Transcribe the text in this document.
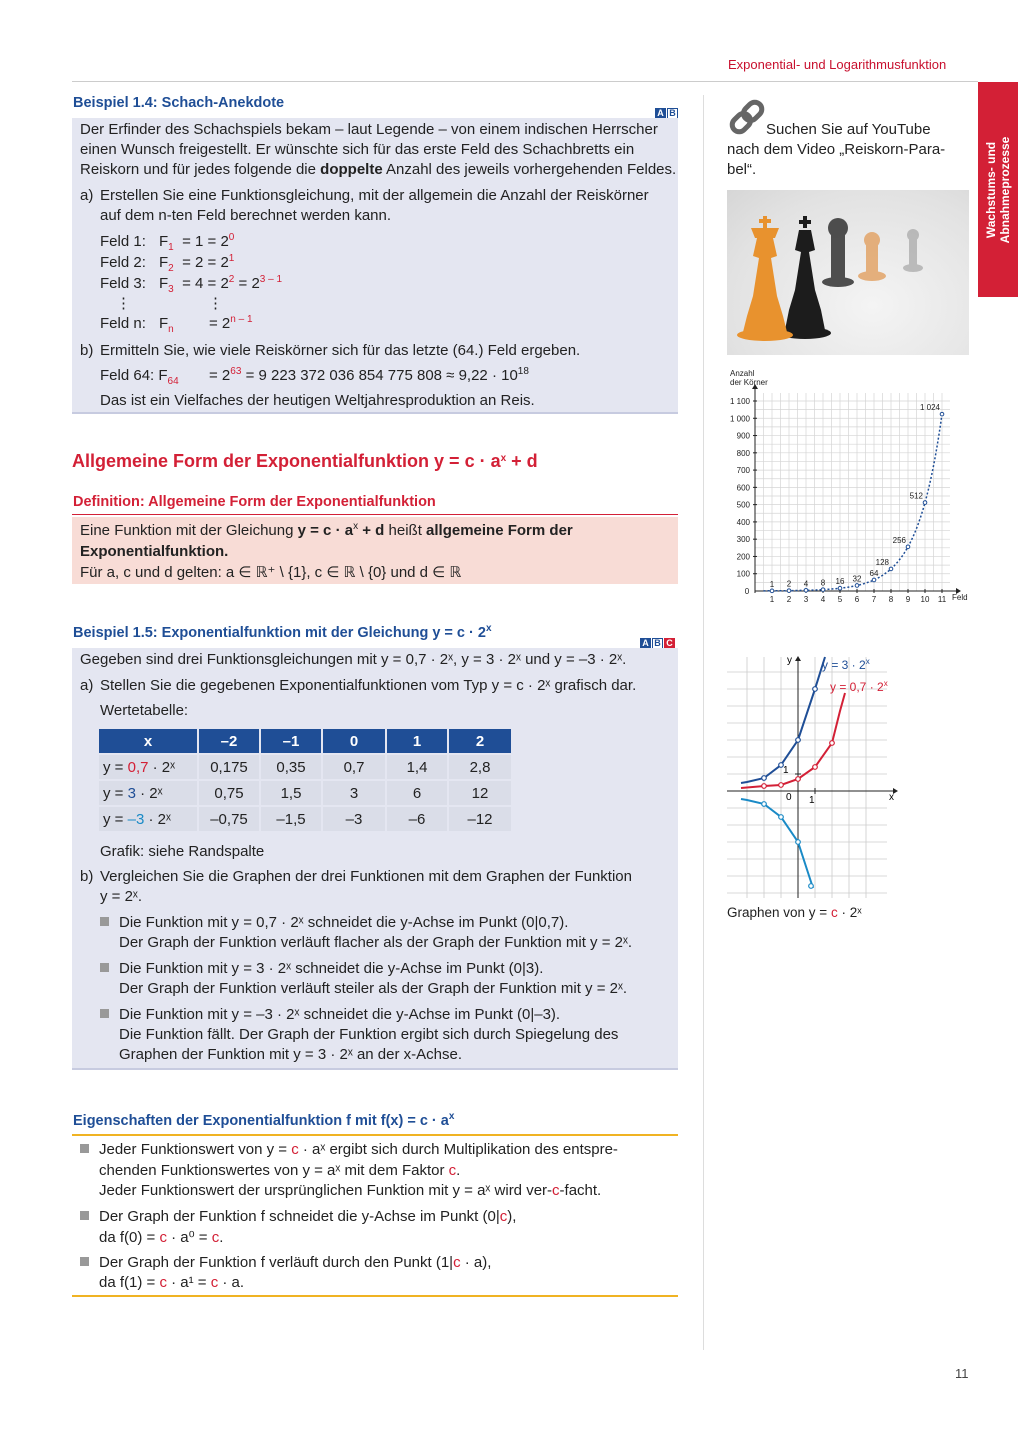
Exponential- und Logarithmusfunktion
Wachstums- und Abnahmeprozesse
Beispiel 1.4: Schach-Anekdote
A B
Der Erfinder des Schachspiels bekam – laut Legende – von einem indischen Herrscher
einen Wunsch freigestellt. Er wünschte sich für das erste Feld des Schachbretts ein
Reiskorn und für jedes folgende die doppelte Anzahl des jeweils vorhergehenden Feldes.
a) Erstellen Sie eine Funktionsgleichung, mit der allgemein die Anzahl der Reiskörner
auf dem n-ten Feld berechnet werden kann.
Feld 1: $F_1 = 1 = 2^0$
Feld 2: $F_2 = 2 = 2^1$
Feld 3: $F_3 = 4 = 2^2 = 2^{3 - 1}$
⋮	⋮
Feld n: $F_n = 2^{n - 1}$
b) Ermitteln Sie, wie viele Reiskörner sich für das letzte (64.) Feld ergeben.
Feld 64: $F_{64} = 2^{63} = 9$ 223 372 036 854 775 $808 \approx 9,22 \cdot 10^{18}$
Das ist ein Vielfaches der heutigen Weltjahresproduktion an Reis.
Allgemeine Form der Exponentialfunktion $y = c \cdot a^x + d$
Definition: Allgemeine Form der Exponentialfunktion
Eine Funktion mit der Gleichung $y = c \cdot a^x + d$ heißt allgemeine Form der
Exponentialfunktion.
Für a, c und d gelten: a ∈ ℝ⁺ \ {1}, c ∈ ℝ \ {0} und d ∈ ℝ
Beispiel 1.5: Exponentialfunktion mit der Gleichung $y = c \cdot 2^x$
A B C
Gegeben sind drei Funktionsgleichungen mit y = 0,7 · 2ˣ, y = 3 · 2ˣ und y = –3 · 2ˣ.
a) Stellen Sie die gegebenen Exponentialfunktionen vom Typ y = c · 2ˣ grafisch dar.
Wertetabelle:
x	–2	–1	0	1	2
y = 0,7 · 2ˣ	0,175	0,35	0,7	1,4	2,8
y = 3 · 2ˣ	0,75	1,5	3	6	12
y = –3 · 2ˣ	–0,75	–1,5	–3	–6	–12
Grafik: siehe Randspalte
b) Vergleichen Sie die Graphen der drei Funktionen mit dem Graphen der Funktion
y = 2ˣ.
Die Funktion mit y = 0,7 · 2ˣ schneidet die y-Achse im Punkt (0|0,7).
Der Graph der Funktion verläuft flacher als der Graph der Funktion mit y = 2ˣ.
Die Funktion mit y = 3 · 2ˣ schneidet die y-Achse im Punkt (0|3).
Der Graph der Funktion verläuft steiler als der Graph der Funktion mit y = 2ˣ.
Die Funktion mit y = –3 · 2ˣ schneidet die y-Achse im Punkt (0|–3).
Die Funktion fällt. Der Graph der Funktion ergibt sich durch Spiegelung des
Graphen der Funktion mit y = 3 · 2ˣ an der x-Achse.
Eigenschaften der Exponentialfunktion f mit $f(x) = c \cdot a^x$
Jeder Funktionswert von y = c · aˣ ergibt sich durch Multiplikation des entspre-
chenden Funktionswertes von y = aˣ mit dem Faktor c.
Jeder Funktionswert der ursprünglichen Funktion mit y = aˣ wird ver-c-facht.
Der Graph der Funktion f schneidet die y-Achse im Punkt (0|c),
da f(0) = c · a⁰ = c.
Der Graph der Funktion f verläuft durch den Punkt (1|c · a),
da f(1) = c · a¹ = c · a.
Suchen Sie auf YouTube
nach dem Video „Reiskorn-Para-
bel“.
0
1 2 3 4 5 6 7 8 9 10 11
100
200
300
400
500
600
700
800
900
1 000
1 100
1 2 4 8 16 32
64
128
256
512
1 024
Anzahl
der Körner
Feld
y
x
0 1
1
$y = 3 \cdot 2^x$
$y = 0,7 \cdot 2^x$
Graphen von y = c · 2ˣ
11
